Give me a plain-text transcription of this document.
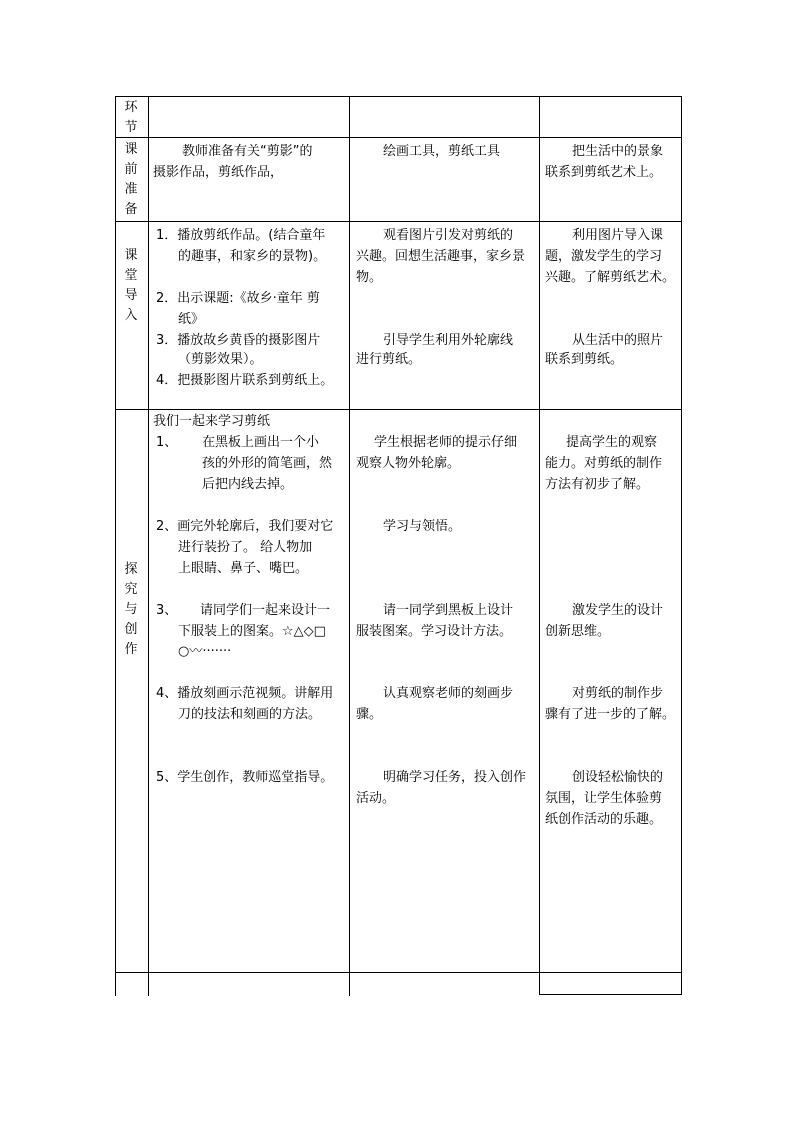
环
节
课
前
准
备
课
堂
导
入
探
究
与
创
作
教师准备有关“剪影”的
摄影作品，剪纸作品，
绘画工具，剪纸工具	把生活中的景象
联系到剪纸艺术上。
1．播放剪纸作品。(结合童年
的趣事，和家乡的景物)。
2．出示课题:《故乡·童年 剪
纸》
3．播放故乡黄昏的摄影图片
（剪影效果）。
4．把摄影图片联系到剪纸上。
观看图片引发对剪纸的
兴趣。回想生活趣事，家乡景
物。
引导学生利用外轮廓线
进行剪纸。
利用图片导入课
题，激发学生的学习
兴趣。了解剪纸艺术。
从生活中的照片
联系到剪纸。
我们一起来学习剪纸
1、 在黑板上画出一个小
孩的外形的简笔画，然
后把内线去掉。
2、画完外轮廓后，我们要对它
进行装扮了。 给人物加
上眼睛、鼻子、嘴巴。
3、 请同学们一起来设计一
下服装上的图案。☆△◇□
○〰·······
4、播放刻画示范视频。讲解用
刀的技法和刻画的方法。
5、学生创作，教师巡堂指导。
学生根据老师的提示仔细
观察人物外轮廓。
学习与领悟。
请一同学到黑板上设计
服装图案。学习设计方法。
认真观察老师的刻画步
骤。
明确学习任务，投入创作
活动。
提高学生的观察
能力。对剪纸的制作
方法有初步了解。
激发学生的设计
创新思维。
对剪纸的制作步
骤有了进一步的了解。
创设轻松愉快的
氛围，让学生体验剪
纸创作活动的乐趣。
